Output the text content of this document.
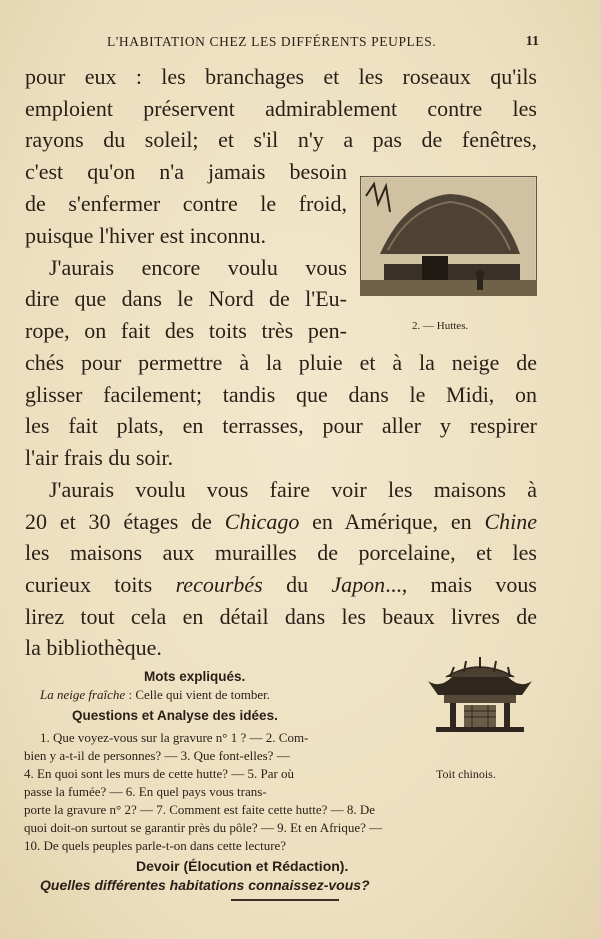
L'HABITATION CHEZ LES DIFFÉRENTS PEUPLES.	11
pour eux : les branchages et les roseaux qu'ils
emploient préservent admirablement contre les
rayons du soleil; et s'il n'y a pas de fenêtres,
c'est qu'on n'a jamais besoin
de s'enfermer contre le froid,
puisque l'hiver est inconnu.
J'aurais encore voulu vous
dire que dans le Nord de l'Eu-
rope, on fait des toits très pen-
chés pour permettre à la pluie et à la neige de
glisser facilement; tandis que dans le Midi, on
les fait plats, en terrasses, pour aller y respirer
l'air frais du soir.
J'aurais voulu vous faire voir les maisons à
20 et 30 étages de Chicago en Amérique, en Chine
les maisons aux murailles de porcelaine, et les
curieux toits recourbés du Japon..., mais vous
lirez tout cela en détail dans les beaux livres de
la bibliothèque.
2. — Huttes.
Toit chinois.
Mots expliqués.
La neige fraîche : Celle qui vient de tomber.
Questions et Analyse des idées.
1. Que voyez-vous sur la gravure n° 1 ? — 2. Com-
bien y a-t-il de personnes? — 3. Que font-elles? —
4. En quoi sont les murs de cette hutte? — 5. Par où
passe la fumée? — 6. En quel pays vous trans-
porte la gravure n° 2? — 7. Comment est faite cette hutte? — 8. De
quoi doit-on surtout se garantir près du pôle? — 9. Et en Afrique? —
10. De quels peuples parle-t-on dans cette lecture?
Devoir (Élocution et Rédaction).
Quelles différentes habitations connaissez-vous?
